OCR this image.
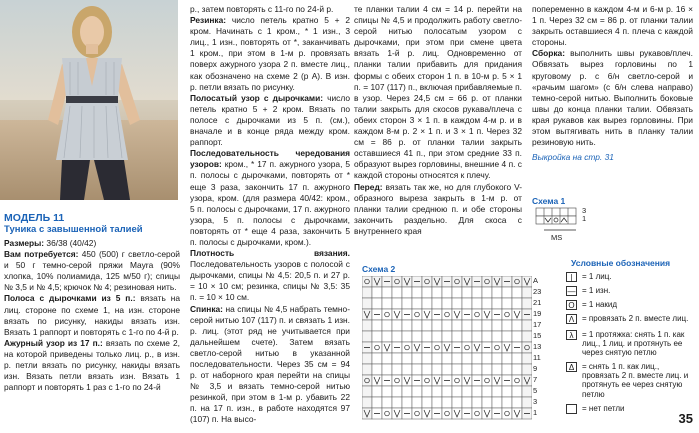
МОДЕЛЬ 11
Туника с завышенной талией

Размеры: 36/38 (40/42)

Вам потребуется: 450 (500) г светло-серой и 50 г темно-серой пряжи Mayra (90% хлопка, 10% полиамида, 125 м/50 г); спицы № 3,5 и № 4,5; крючок № 4; резиновая нить.

Полоса с дырочками из 5 п.: вязать на лиц. стороне по схеме 1, на изн. стороне вязать по рисунку, накиды вязать изн. Вязать 1 раппорт и повторять с 1-го по 4-й р.

Ажурный узор из 17 п.: вязать по схеме 2, на которой приведены только лиц. р., в изн. р. петли вязать по рисунку, накиды вязать изн. Вязать петли вязать изн. Вязать 1 раппорт и повторять 1 раз с 1-го по 24-й

р., затем повторять с 11-го по 24-й р.

Резинка: число петель кратно 5 + 2 кром. Начинать с 1 кром., * 1 изн., 3 лиц., 1 изн., повторять от *, заканчивать 1 кром., при этом в 1-м р. провязать поверх ажурного узора 2 п. вместе лиц., как обозначено на схеме 2 (р А). В изн. р. петли вязать по рисунку.

Полосатый узор с дырочками: число петель кратно 5 + 2 кром. Вязать по полосе с дырочками из 5 п. (см.), вначале и в конце ряда между кром. раппорт.

Последовательность чередования узоров: кром., * 17 п. ажурного узора, 5 п. полосы с дырочками, повторять от * еще 3 раза, закончить 17 п. ажурного узора, кром. (для размера 40/42: кром., 5 п. полосы с дырочками, 17 п. ажурного узора, 5 п. полосы с дырочками, повторять от * еще 4 раза, закончить 5 п. полосы с дырочками, кром.).

Плотность вязания. Последовательность узоров с полосой с дырочками, спицы № 4,5: 20,5 п. и 27 р. = 10 × 10 см; резинка, спицы № 3,5: 35 п. = 10 × 10 см.

Спинка: на спицы № 4,5 набрать темно-серой нитью 107 (117) п. и связать 1 изн. р. лиц. (этот ряд не учитывается при дальнейшем счете). Затем вязать светло-серой нитью в указанной последовательности. Через 35 см = 94 р. от наборного края перейти на спицы № 3,5 и вязать темно-серой нитью резинкой, при этом в 1-м р. убавить 22 п. на 17 п. изн., в работе находятся 97 (107) п. На высо-

те планки талии 4 см = 14 р. перейти на спицы № 4,5 и продолжить работу светло-серой нитью полосатым узором с дырочками, при этом при смене цвета вязать 1-й р. лиц. Одновременно от планки талии прибавить для придания формы с обеих сторон 1 п. в 10-м р. 5 × 1 п. = 107 (117) п., включая прибавляемые п. в узор. Через 24,5 см = 66 р. от планки талии закрыть для скосов рукава/плеча с обеих сторон 3 × 1 п. в каждом 4-м р. и в каждом 8-м р. 2 × 1 п. и 3 × 1 п. Через 32 см = 86 р. от планки талии закрыть оставшиеся 41 п., при этом средние 33 п. образуют вырез горловины, внешние 4 п. с каждой стороны относятся к плечу.

Перед: вязать так же, но для глубокого V-образного выреза закрыть в 1-м р. от планки талии среднюю п. и обе стороны закончить раздельно. Для скоса с внутреннего края

попеременно в каждом 4-м и 6-м р. 16 × 1 п. Через 32 см = 86 р. от планки талии закрыть оставшиеся 4 п. плеча с каждой стороны.

Сборка: выполнить швы рукавов/плеч. Обвязать вырез горловины по 1 круговому р. с 6/н светло-серой и «рачьим шагом» (с 6/н слева направо) темно-серой нитью. Выполнить боковые швы до конца планки талии. Обвязать края рукавов как вырез горловины. При этом вытягивать нить в планку талии резиновую нить.

Выкройка на стр. 31

Схема 1
3
1
MS
Схема 2
A
23
21
19
17
15
13
11
9
7
5
3
1
Условные обозначения
|	= 1 лиц.
— = 1 изн.
O = 1 накид
Λ = провязать 2 п. вместе лиц.
λ	= 1 протяжка: снять 1 п. как лиц., 1 лиц. и протянуть ее через снятую петлю
Δ = снять 1 п. как лиц., провязать 2 п. вместе лиц. и протянуть ее через снятую петлю
= нет петли
35
